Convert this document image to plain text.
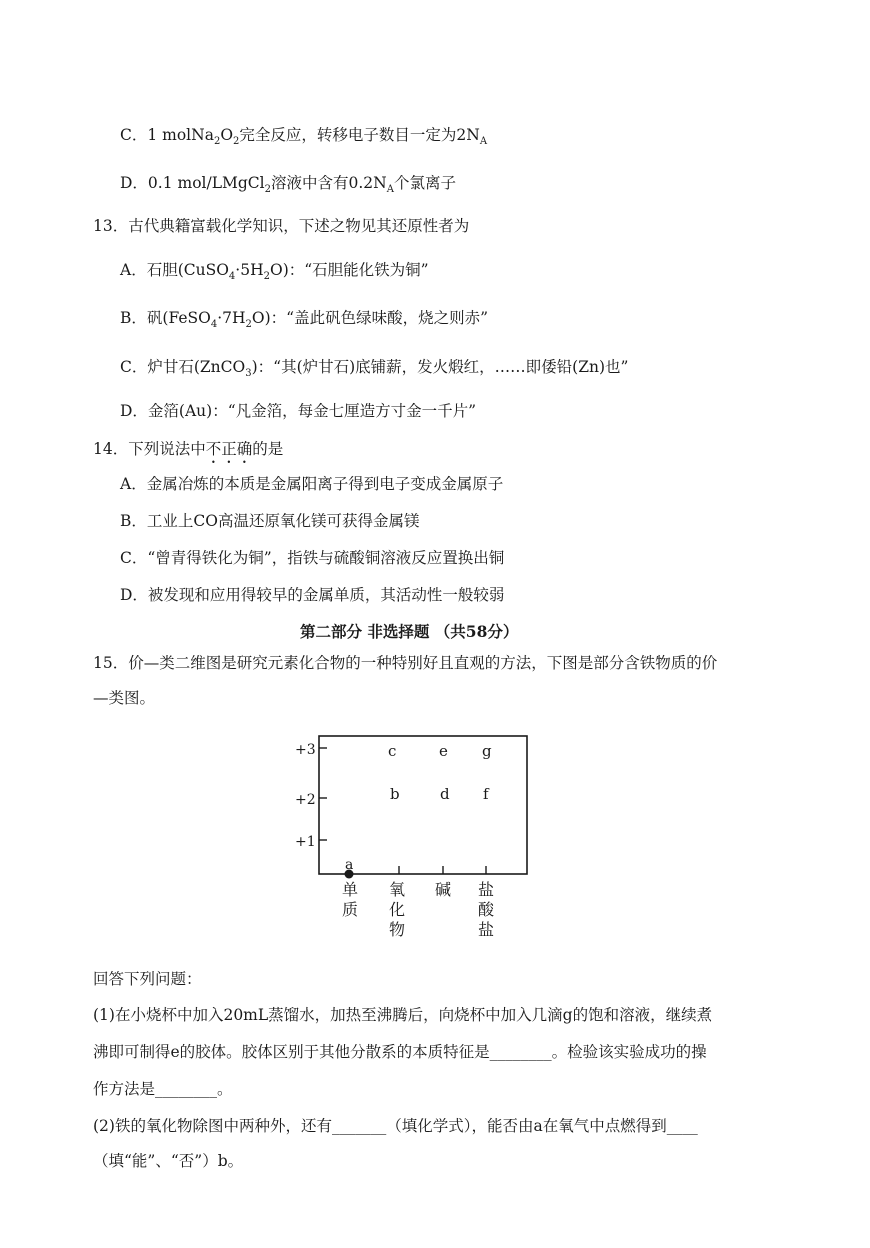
C．1 $molNa_2O_2$完全反应，转移电子数目一定为$2N_A$
D．0.1 mol/LMgCl$_2$溶液中含有$0.2N_A$个氯离子
13．古代典籍富载化学知识，下述之物见其还原性者为
A．石胆$(CuSO_4\cdot 5H_2O)$：“石胆能化铁为铜”
B．矾$(FeSO_4\cdot 7H_2O)$：“盖此矾色绿味酸，烧之则赤”
C．炉甘石(ZnCO$_3$)：“其(炉甘石)底铺薪，发火煅红，……即倭铅(Zn)也”
D．金箔(Au)：“凡金箔，每金七厘造方寸金一千片”
14．下列说法中不正确的是
A．金属冶炼的本质是金属阳离子得到电子变成金属原子
B．工业上CO高温还原氧化镁可获得金属镁
C．“曾青得铁化为铜”，指铁与硫酸铜溶液反应置换出铜
D．被发现和应用得较早的金属单质，其活动性一般较弱
第二部分 非选择题 （共58分）
15．价—类二维图是研究元素化合物的一种特别好且直观的方法，下图是部分含铁物质的价
—类图。
+3
+2
+1
c	e g
b	d f
a
单
质
氧
化
物
碱 盐
酸
盐
回答下列问题：
(1)在小烧杯中加入20mL蒸馏水，加热至沸腾后，向烧杯中加入几滴g的饱和溶液，继续煮
沸即可制得e的胶体。胶体区别于其他分散系的本质特征是________。检验该实验成功的操
作方法是________。
(2)铁的氧化物除图中两种外，还有_______（填化学式），能否由a在氧气中点燃得到____
（填“能”、“否”）b。
